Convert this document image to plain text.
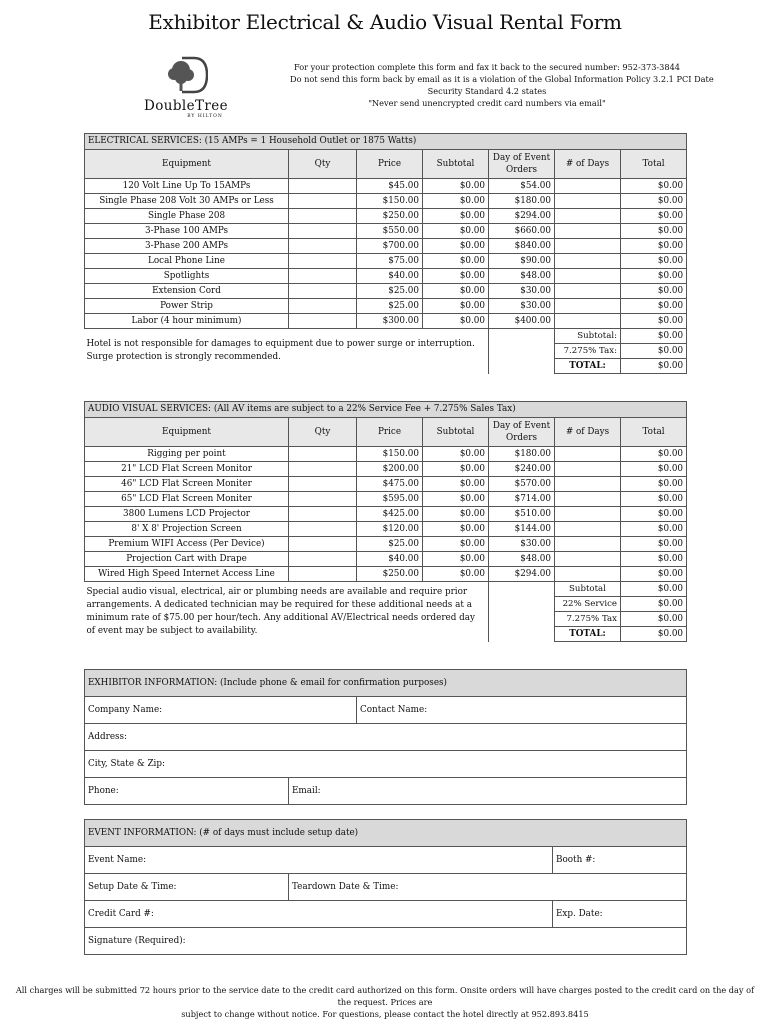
Exhibitor Electrical & Audio Visual Rental Form
DoubleTree
BY HILTON
For your protection complete this form and fax it back to the secured number: 952-373-3844
Do not send this form back by email as it is a violation of the Global Information Policy 3.2.1 PCI Date
Security Standard 4.2 states
"Never send unencrypted credit card numbers via email"
ELECTRICAL SERVICES: (15 AMPs = 1 Household Outlet or 1875 Watts)						
Equipment	Qty	Price	Subtotal	Day of Event Orders	# of Days	Total
120 Volt Line Up To 15AMPs		$45.00	$0.00	$54.00		$0.00
Single Phase 208 Volt 30 AMPs or Less		$150.00	$0.00	$180.00		$0.00
Single Phase 208		$250.00	$0.00	$294.00		$0.00
3-Phase 100 AMPs		$550.00	$0.00	$660.00		$0.00
3-Phase 200 AMPs		$700.00	$0.00	$840.00		$0.00
Local Phone Line		$75.00	$0.00	$90.00		$0.00
Spotlights		$40.00	$0.00	$48.00		$0.00
Extension Cord		$25.00	$0.00	$30.00		$0.00
Power Strip		$25.00	$0.00	$30.00		$0.00
Labor (4 hour minimum)		$300.00	$0.00	$400.00		$0.00
Hotel is not responsible for damages to equipment due to power surge or interruption. Surge protection is strongly recommended.					Subtotal:	$0.00
					7.275% Tax:	$0.00
					TOTAL:	$0.00
AUDIO VISUAL SERVICES: (All AV items are subject to a 22% Service Fee + 7.275% Sales Tax)						
Equipment	Qty	Price	Subtotal	Day of Event Orders	# of Days	Total
Rigging per point		$150.00	$0.00	$180.00		$0.00
21" LCD Flat Screen Monitor		$200.00	$0.00	$240.00		$0.00
46" LCD Flat Screen Moniter		$475.00	$0.00	$570.00		$0.00
65" LCD Flat Screen Moniter		$595.00	$0.00	$714.00		$0.00
3800 Lumens LCD Projector		$425.00	$0.00	$510.00		$0.00
8' X 8' Projection Screen		$120.00	$0.00	$144.00		$0.00
Premium WIFI Access (Per Device)		$25.00	$0.00	$30.00		$0.00
Projection Cart with Drape		$40.00	$0.00	$48.00		$0.00
Wired High Speed Internet Access Line		$250.00	$0.00	$294.00		$0.00
Special audio visual, electrical, air or plumbing needs are available and require prior arrangements. A dedicated technician may be required for these additional needs at a minimum rate of $75.00 per hour/tech. Any additional AV/Electrical needs ordered day of event may be subject to availability.					Subtotal	$0.00
					22% Service	$0.00
					7.275% Tax	$0.00
					TOTAL:	$0.00
EXHIBITOR INFORMATION: (Include phone & email for confirmation purposes)		
Company Name:		Contact Name:
Address:		
City, State & Zip:		
Phone:	Email:	
EVENT INFORMATION: (# of days must include setup date)		
Event Name:		Booth #:
Setup Date & Time:	Teardown Date & Time:	
Credit Card #:		Exp. Date:
Signature (Required):		
All charges will be submitted 72 hours prior to the service date to the credit card authorized on this form. Onsite orders will have charges posted to the credit card on the day of the request. Prices are
subject to change without notice. For questions, please contact the hotel directly at 952.893.8415
